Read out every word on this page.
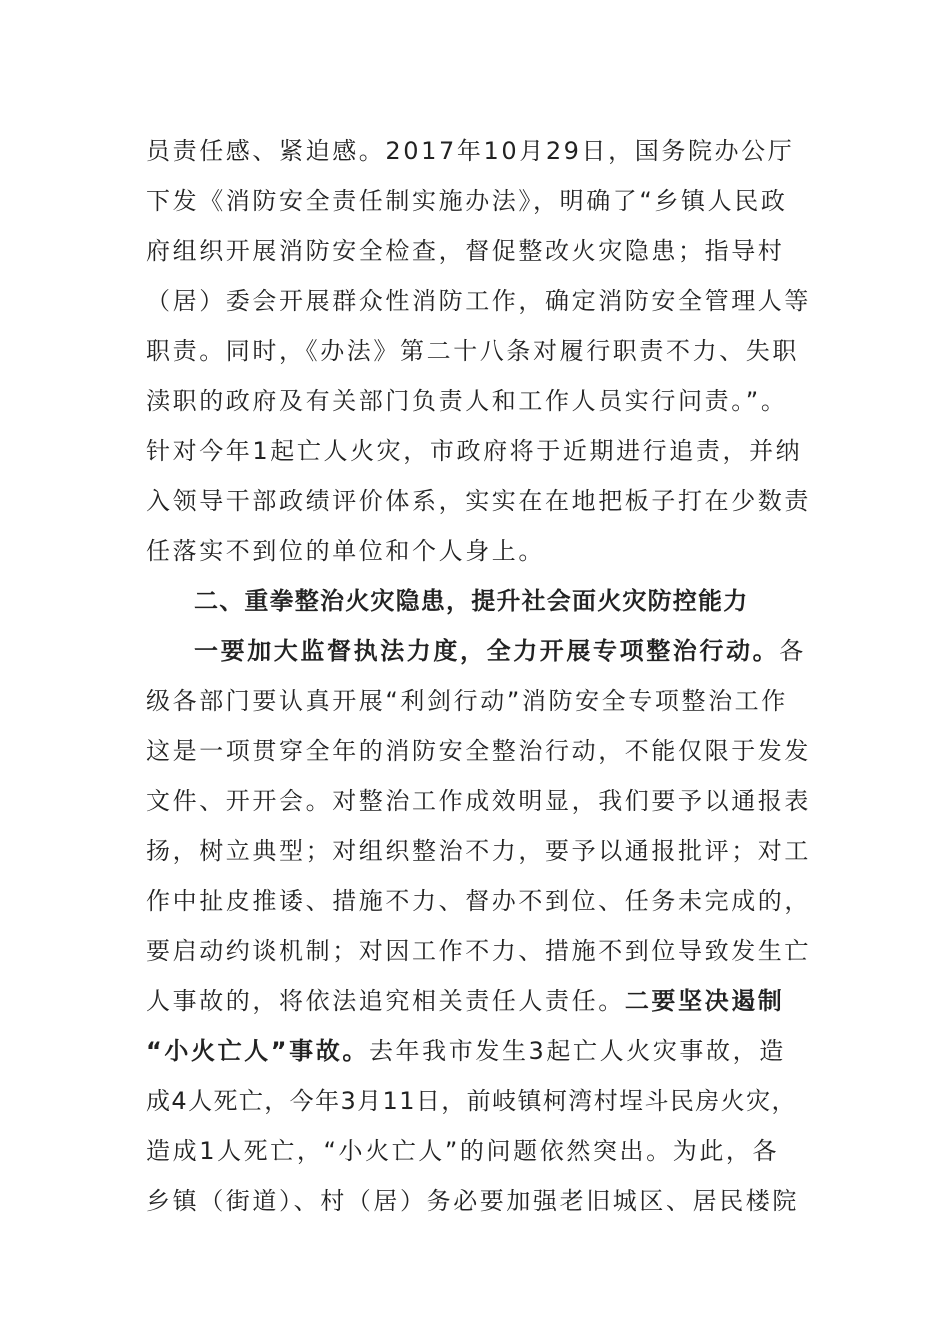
员责任感、紧迫感。2017年10月29日，国务院办公厅
下发《消防安全责任制实施办法》，明确了“乡镇人民政
府组织开展消防安全检查，督促整改火灾隐患；指导村
（居）委会开展群众性消防工作，确定消防安全管理人等
职责。同时，《办法》第二十八条对履行职责不力、失职
渎职的政府及有关部门负责人和工作人员实行问责。”。
针对今年1起亡人火灾，市政府将于近期进行追责，并纳
入领导干部政绩评价体系，实实在在地把板子打在少数责
任落实不到位的单位和个人身上。
二、重拳整治火灾隐患，提升社会面火灾防控能力
一要加大监督执法力度，全力开展专项整治行动。各
级各部门要认真开展“利剑行动”消防安全专项整治工作
这是一项贯穿全年的消防安全整治行动，不能仅限于发发
文件、开开会。对整治工作成效明显，我们要予以通报表
扬，树立典型；对组织整治不力，要予以通报批评；对工
作中扯皮推诿、措施不力、督办不到位、任务未完成的，
要启动约谈机制；对因工作不力、措施不到位导致发生亡
人事故的，将依法追究相关责任人责任。二要坚决遏制
“小火亡人”事故。去年我市发生3起亡人火灾事故，造
成4人死亡，今年3月11日，前岐镇柯湾村埕斗民房火灾，
造成1人死亡，“小火亡人”的问题依然突出。为此，各
乡镇（街道）、村（居）务必要加强老旧城区、居民楼院
